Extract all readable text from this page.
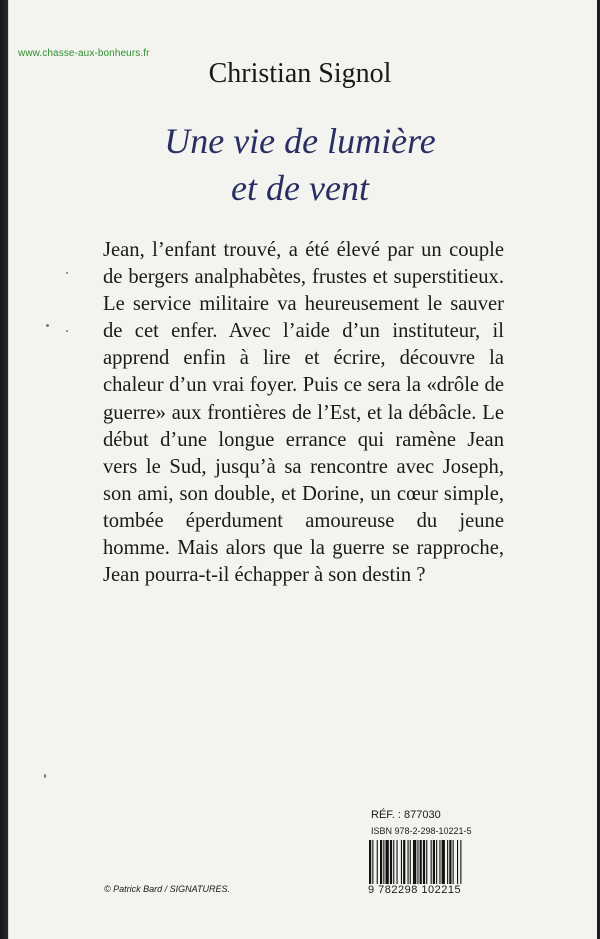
www.chasse-aux-bonheurs.fr
Christian Signol
Une vie de lumière
et de vent

Jean, l’enfant trouvé, a été élevé par un couple de bergers analphabètes, frustes et superstitieux. Le service militaire va heureusement le sauver de cet enfer. Avec l’aide d’un instituteur, il apprend enfin à lire et écrire, découvre la chaleur d’un vrai foyer. Puis ce sera la «drôle de guerre» aux frontières de l’Est, et la débâcle. Le début d’une longue errance qui ramène Jean vers le Sud, jusqu’à sa rencontre avec Joseph, son ami, son double, et Dorine, un cœur simple, tombée éperdument amoureuse du jeune homme. Mais alors que la guerre se rapproche, Jean pourra-t-il échapper à son destin ?

RÉF. : 877030
ISBN 978-2-298-10221-5
9 782298 102215
© Patrick Bard / SIGNATURES.
